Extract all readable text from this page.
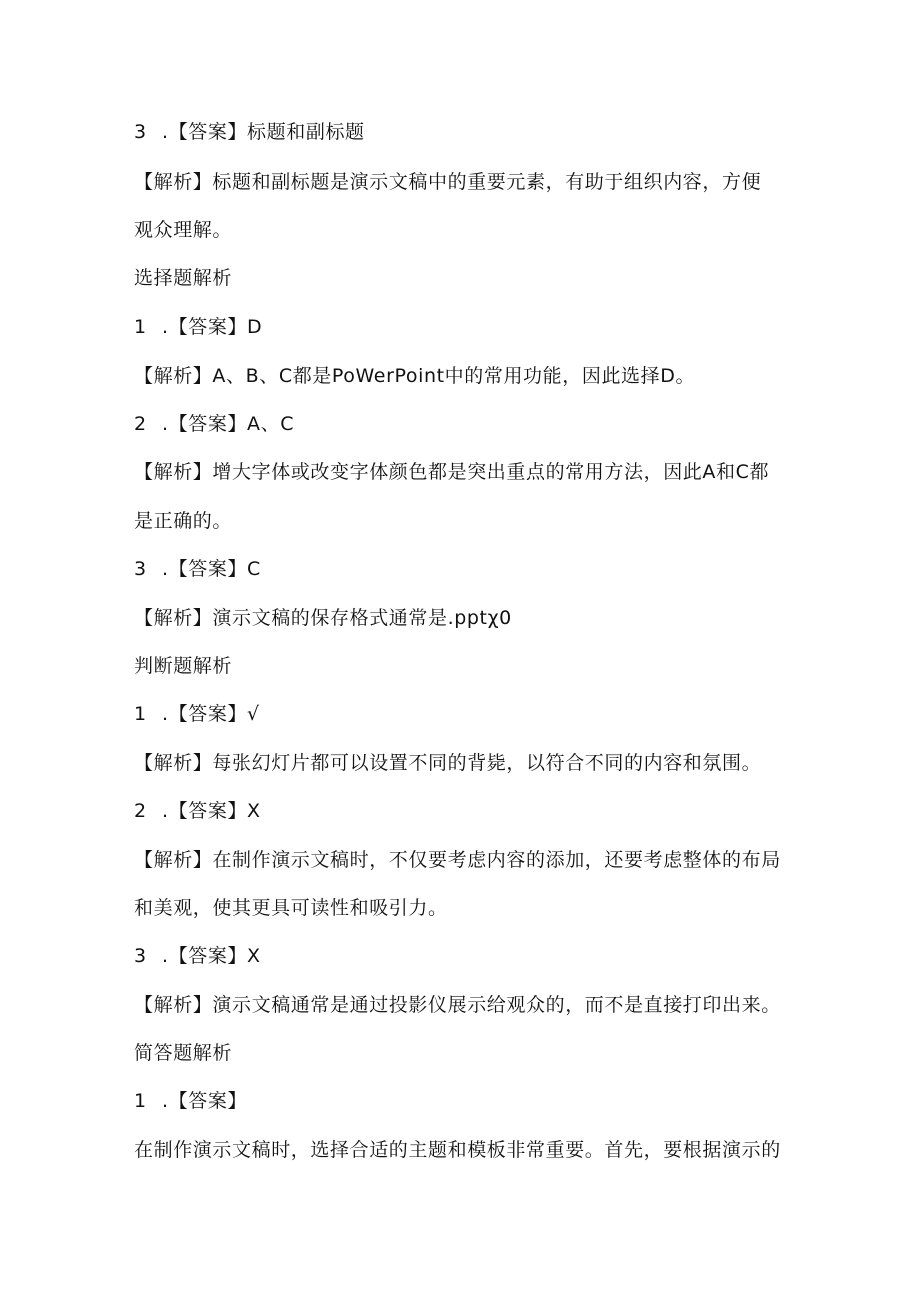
3 .【答案】标题和副标题
【解析】标题和副标题是演示文稿中的重要元素，有助于组织内容，方便
观众理解。
选择题解析
1 .【答案】D
【解析】A、B、C都是PoWerPoint中的常用功能，因此选择D。
2 .【答案】A、C
【解析】增大字体或改变字体颜色都是突出重点的常用方法，因此A和C都
是正确的。
3 .【答案】C
【解析】演示文稿的保存格式通常是.pptχ0
判断题解析
1 .【答案】√
【解析】每张幻灯片都可以设置不同的背毙，以符合不同的内容和氛围。
2 .【答案】X
【解析】在制作演示文稿时，不仅要考虑内容的添加，还要考虑整体的布局
和美观，使其更具可读性和吸引力。
3 .【答案】X
【解析】演示文稿通常是通过投影仪展示给观众的，而不是直接打印出来。
简答题解析
1 .【答案】
在制作演示文稿时，选择合适的主题和模板非常重要。首先，要根据演示的
